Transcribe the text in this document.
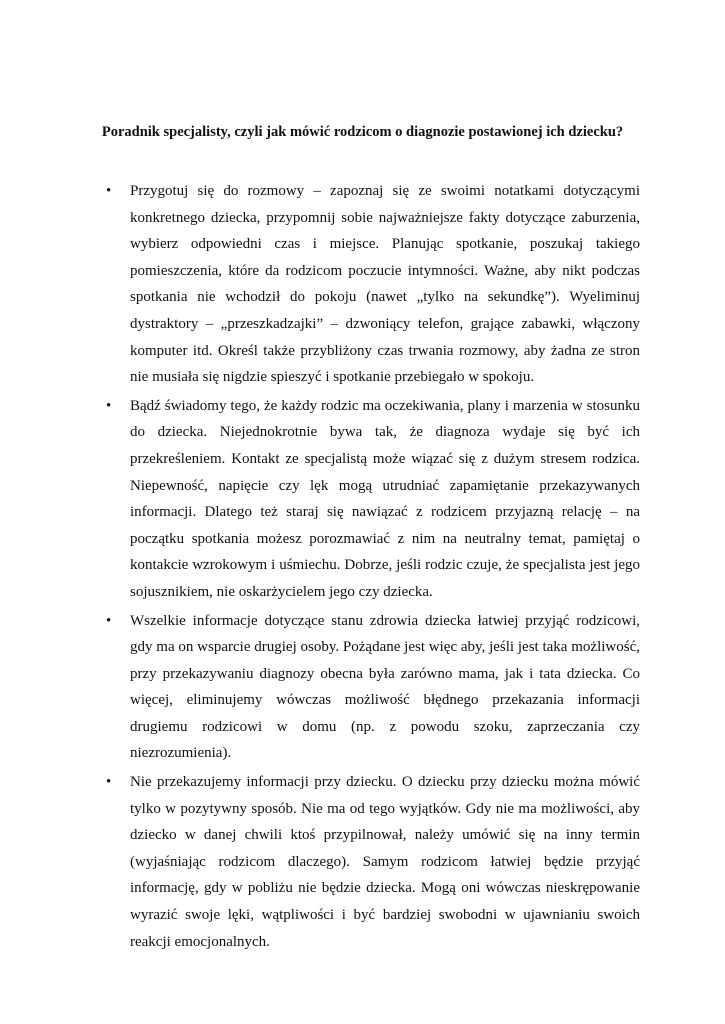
Poradnik specjalisty, czyli jak mówić rodzicom o diagnozie postawionej ich dziecku?
• Przygotuj się do rozmowy – zapoznaj się ze swoimi notatkami dotyczącymi konkretnego dziecka, przypomnij sobie najważniejsze fakty dotyczące zaburzenia, wybierz odpowiedni czas i miejsce. Planując spotkanie, poszukaj takiego pomieszczenia, które da rodzicom poczucie intymności. Ważne, aby nikt podczas spotkania nie wchodził do pokoju (nawet „tylko na sekundkę”). Wyeliminuj dystraktory – „przeszkadzajki” – dzwoniący telefon, grające zabawki, włączony komputer itd. Określ także przybliżony czas trwania rozmowy, aby żadna ze stron nie musiała się nigdzie spieszyć i spotkanie przebiegało w spokoju.
• Bądź świadomy tego, że każdy rodzic ma oczekiwania, plany i marzenia w stosunku do dziecka. Niejednokrotnie bywa tak, że diagnoza wydaje się być ich przekreśleniem. Kontakt ze specjalistą może wiązać się z dużym stresem rodzica. Niepewność, napięcie czy lęk mogą utrudniać zapamiętanie przekazywanych informacji. Dlatego też staraj się nawiązać z rodzicem przyjazną relację – na początku spotkania możesz porozmawiać z nim na neutralny temat, pamiętaj o kontakcie wzrokowym i uśmiechu. Dobrze, jeśli rodzic czuje, że specjalista jest jego sojusznikiem, nie oskarżycielem jego czy dziecka.
• Wszelkie informacje dotyczące stanu zdrowia dziecka łatwiej przyjąć rodzicowi, gdy ma on wsparcie drugiej osoby. Pożądane jest więc aby, jeśli jest taka możliwość, przy przekazywaniu diagnozy obecna była zarówno mama, jak i tata dziecka. Co więcej, eliminujemy wówczas możliwość błędnego przekazania informacji drugiemu rodzicowi w domu (np. z powodu szoku, zaprzeczania czy niezrozumienia).
• Nie przekazujemy informacji przy dziecku. O dziecku przy dziecku można mówić tylko w pozytywny sposób. Nie ma od tego wyjątków. Gdy nie ma możliwości, aby dziecko w danej chwili ktoś przypilnował, należy umówić się na inny termin (wyjaśniając rodzicom dlaczego). Samym rodzicom łatwiej będzie przyjąć informację, gdy w pobliżu nie będzie dziecka. Mogą oni wówczas nieskrępowanie wyrazić swoje lęki, wątpliwości i być bardziej swobodni w ujawnianiu swoich reakcji emocjonalnych.
